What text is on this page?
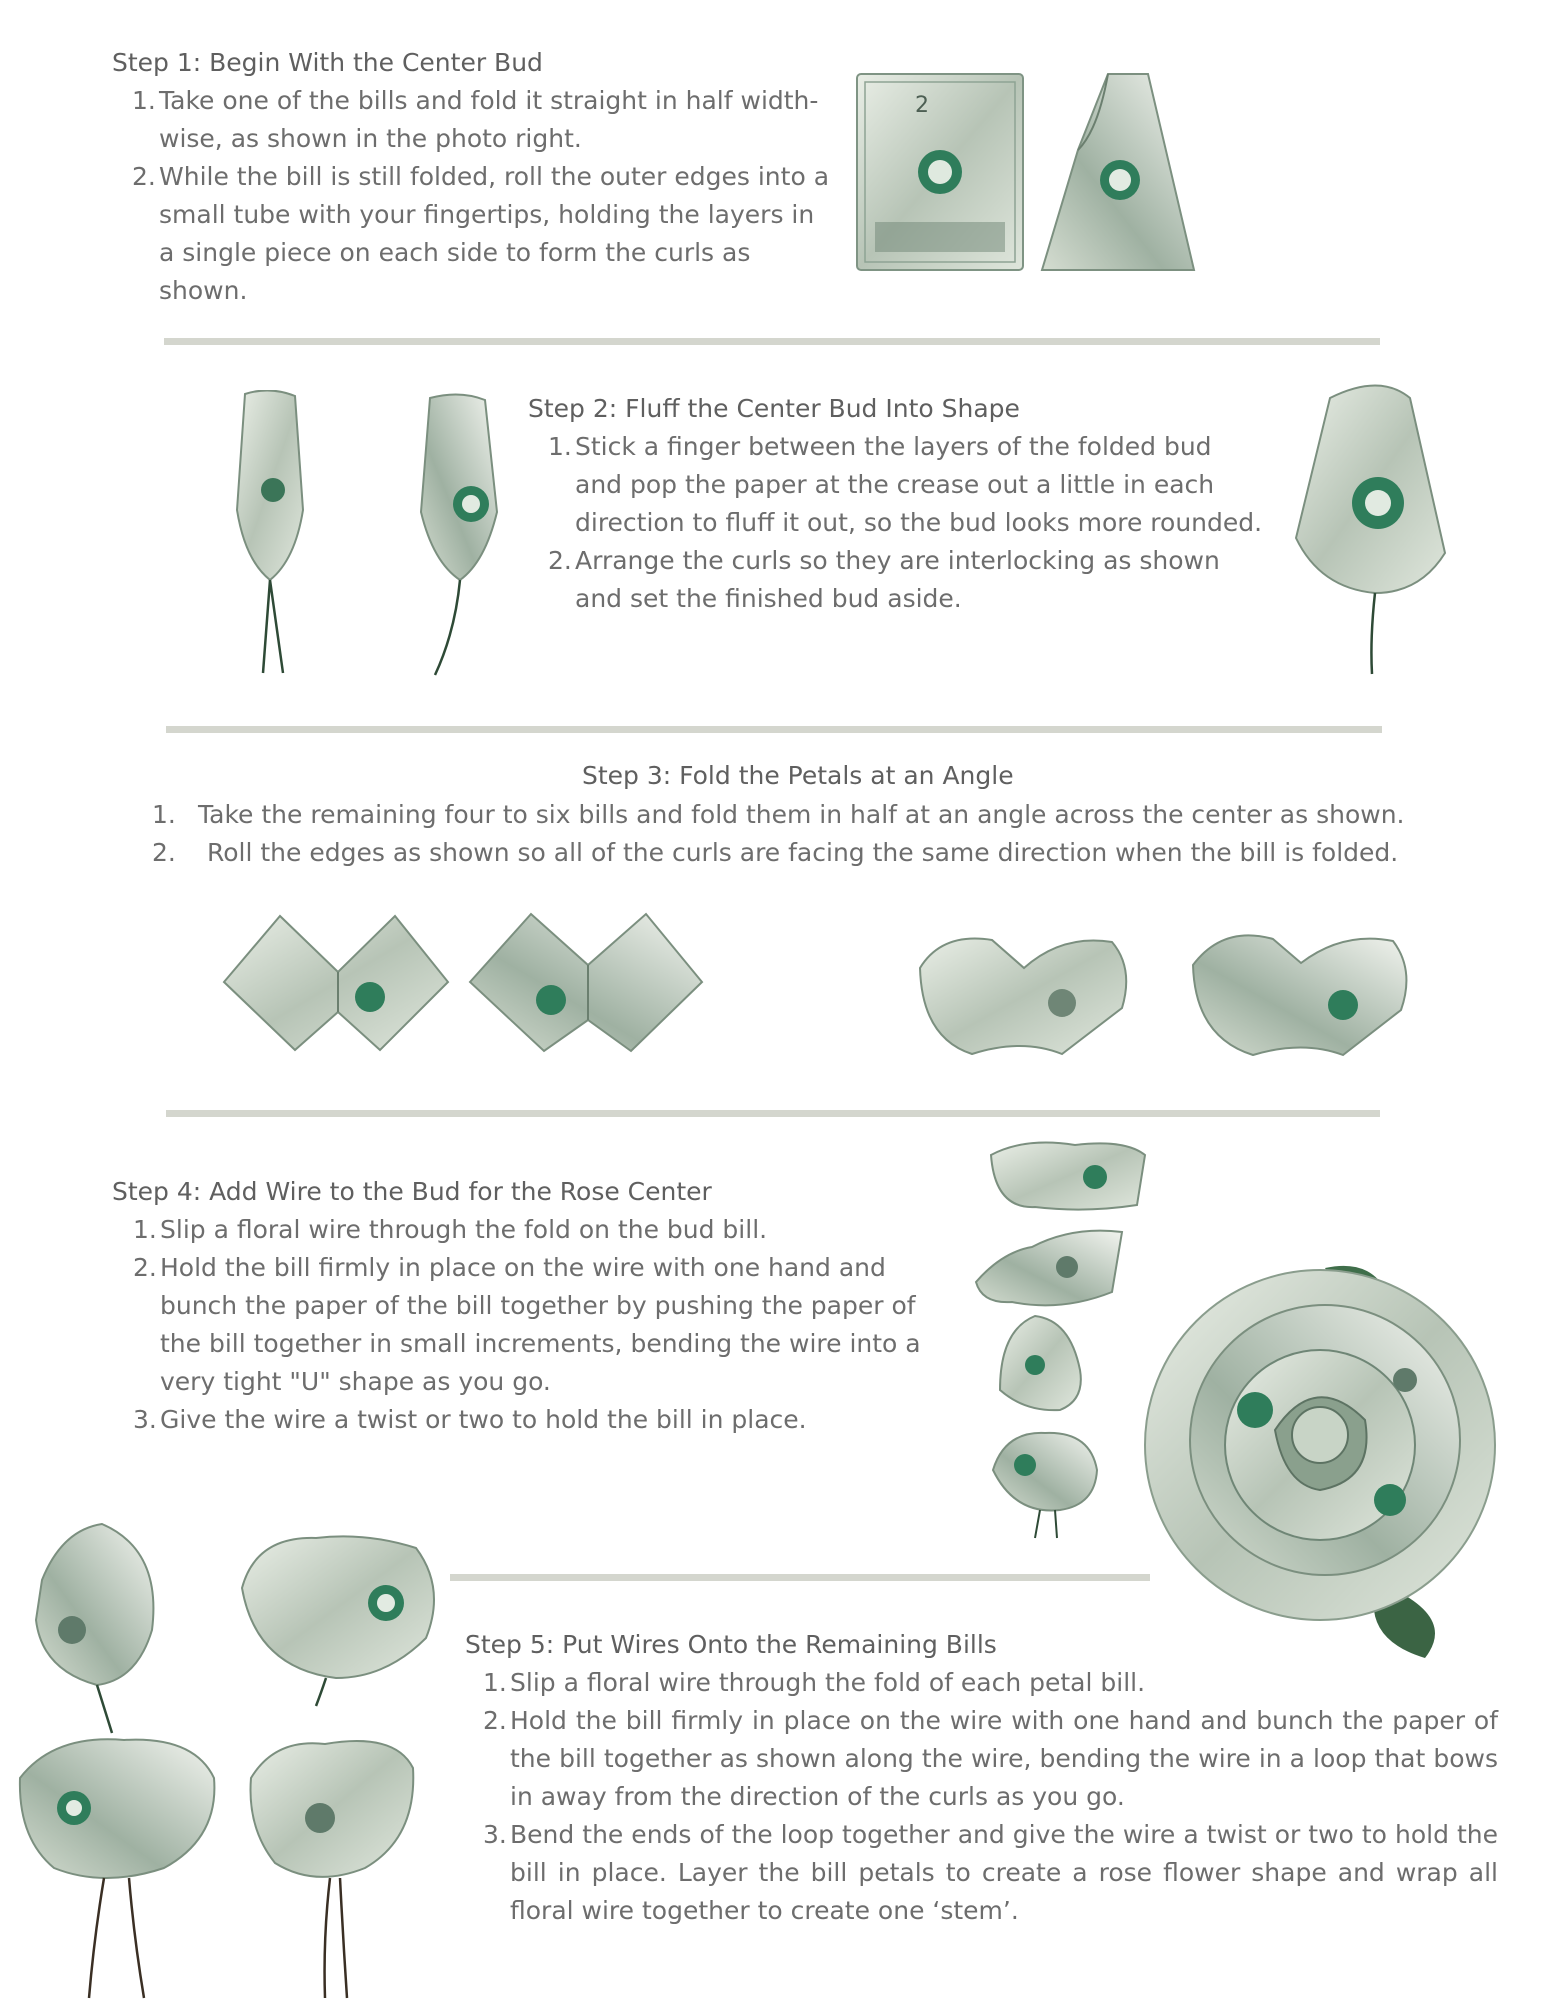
Step 1: Begin With the Center Bud
1. Take one of the bills and fold it straight in half width-wise, as shown in the photo right.
2. While the bill is still folded, roll the outer edges into a small tube with your fingertips, holding the layers in a single piece on each side to form the curls as shown.
2
Step 2: Fluff the Center Bud Into Shape
1. Stick a finger between the layers of the folded bud and pop the paper at the crease out a little in each direction to fluff it out, so the bud looks more rounded.
2. Arrange the curls so they are interlocking as shown and set the finished bud aside.
Step 3: Fold the Petals at an Angle
1. Take the remaining four to six bills and fold them in half at an angle across the center as shown.
2. Roll the edges as shown so all of the curls are facing the same direction when the bill is folded.
Step 4: Add Wire to the Bud for the Rose Center
1. Slip a floral wire through the fold on the bud bill.
2. Hold the bill firmly in place on the wire with one hand and bunch the paper of the bill together by pushing the paper of the bill together in small increments, bending the wire into a very tight "U" shape as you go.
3. Give the wire a twist or two to hold the bill in place.
Step 5: Put Wires Onto the Remaining Bills
1. Slip a floral wire through the fold of each petal bill.
2. Hold the bill firmly in place on the wire with one hand and bunch the paper of the bill together as shown along the wire, bending the wire in a loop that bows in away from the direction of the curls as you go.
3. Bend the ends of the loop together and give the wire a twist or two to hold the bill in place. Layer the bill petals to create a rose flower shape and wrap all floral wire together to create one ‘stem’.
